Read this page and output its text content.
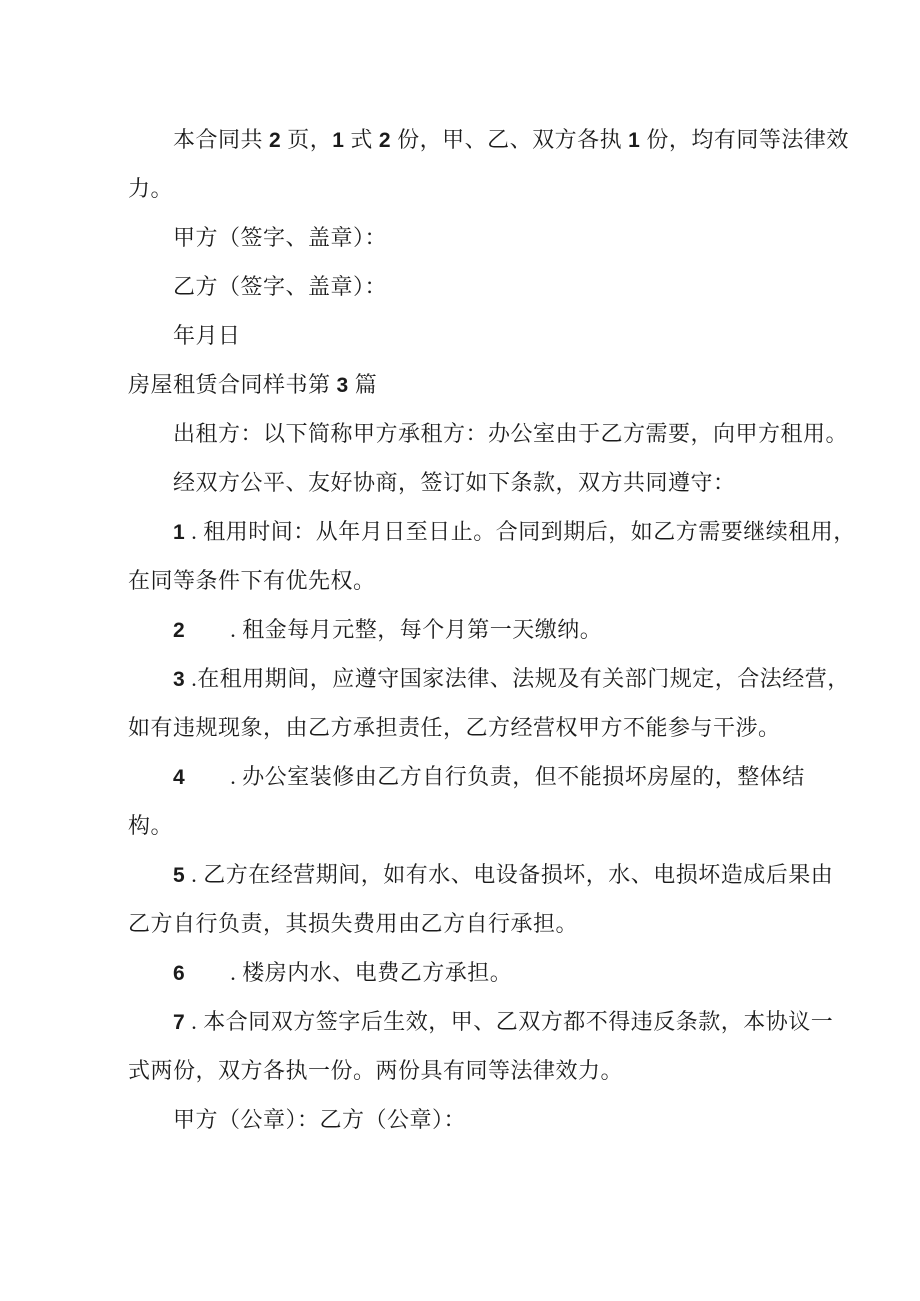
　　本合同共 2 页，1 式 2 份，甲、乙、双方各执 1 份，均有同等法律效
力。
　　甲方（签字、盖章）：
　　乙方（签字、盖章）：
　　年月日
房屋租赁合同样书第 3 篇
　　出租方：以下简称甲方承租方：办公室由于乙方需要，向甲方租用。
　　经双方公平、友好协商，签订如下条款，双方共同遵守：
　　1 . 租用时间：从年月日至日止。合同到期后，如乙方需要继续租用，
在同等条件下有优先权。
　　2　　. 租金每月元整，每个月第一天缴纳。
　　3 .在租用期间，应遵守国家法律、法规及有关部门规定，合法经营，
如有违规现象，由乙方承担责任，乙方经营权甲方不能参与干涉。
　　4　　. 办公室装修由乙方自行负责，但不能损坏房屋的，整体结
构。
　　5 . 乙方在经营期间，如有水、电设备损坏，水、电损坏造成后果由
乙方自行负责，其损失费用由乙方自行承担。
　　6　　. 楼房内水、电费乙方承担。
　　7 . 本合同双方签字后生效，甲、乙双方都不得违反条款，本协议一
式两份，双方各执一份。两份具有同等法律效力。
　　甲方（公章）：乙方（公章）：
